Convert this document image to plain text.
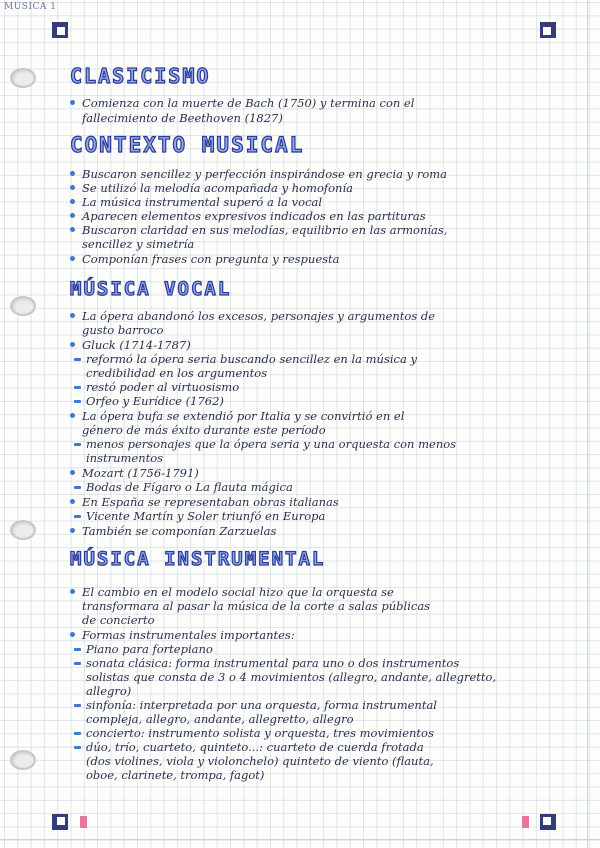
MUSICA 1
CLASICISMO
Comienza con la muerte de Bach (1750) y termina con el
fallecimiento de Beethoven (1827)
CONTEXTO MUSICAL
Buscaron sencillez y perfección inspirándose en grecia y roma
Se utilizó la melodía acompañada y homofonía
La música instrumental superó a la vocal
Aparecen elementos expresivos indicados en las partituras
Buscaron claridad en sus melodías, equilibrio en las armonías,
sencillez y simetría
Componían frases con pregunta y respuesta
MÚSICA VOCAL
La ópera abandonó los excesos, personajes y argumentos de
gusto barroco
Gluck (1714-1787)
reformó la ópera seria buscando sencillez en la música y
credibilidad en los argumentos
restó poder al virtuosismo
Orfeo y Eurídice (1762)
La ópera bufa se extendió por Italia y se convirtió en el
género de más éxito durante este período
menos personajes que la ópera seria y una orquesta con menos
instrumentos
Mozart (1756-1791)
Bodas de Fígaro o La flauta mágica
En España se representaban obras italianas
Vicente Martín y Soler triunfó en Europa
También se componían Zarzuelas
MÚSICA INSTRUMENTAL
El cambio en el modelo social hizo que la orquesta se
transformara al pasar la música de la corte a salas públicas
de concierto
Formas instrumentales importantes:
Piano para fortepiano
sonata clásica: forma instrumental para uno o dos instrumentos
solistas que consta de 3 o 4 movimientos (allegro, andante, allegretto,
allegro)
sinfonía: interpretada por una orquesta, forma instrumental
compleja, allegro, andante, allegretto, allegro
concierto: instrumento solista y orquesta, tres movimientos
dúo, trío, cuarteto, quinteto...: cuarteto de cuerda frotada
(dos violines, viola y violonchelo) quinteto de viento (flauta,
oboe, clarinete, trompa, fagot)
